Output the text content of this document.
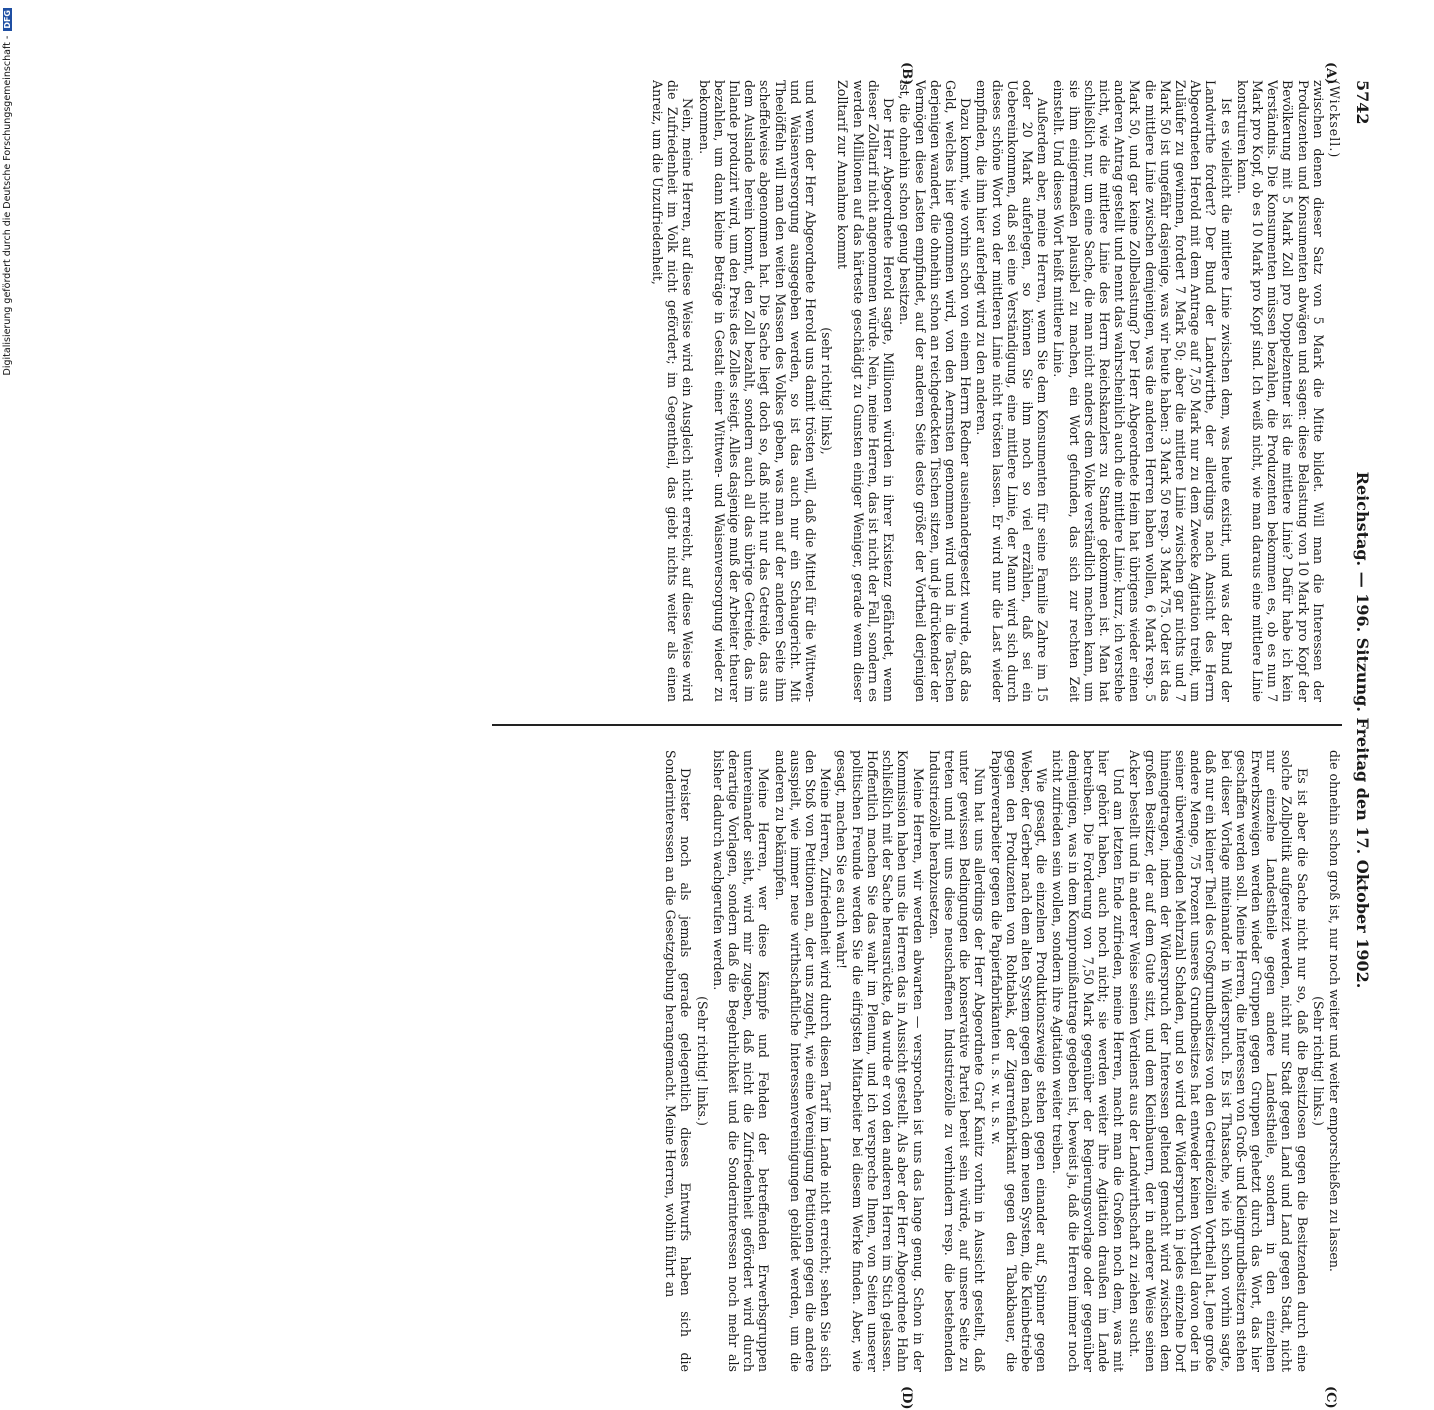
5742
Reichstag. — 196. Sitzung. Freitag den 17. Oktober 1902.
(A)
(B)
(C)
(D)

(Wicksell.)

zwischen denen dieser Satz von 5 Mark die Mitte bildet. Will man die Interessen der Produzenten und Konsumenten abwägen und sagen: diese Belastung von 10 Mark pro Kopf der Bevölkerung mit 5 Mark Zoll pro Doppelzentner ist die mittlere Linie? Dafür habe ich kein Verständnis. Die Konsumenten müssen bezahlen, die Produzenten bekommen es, ob es nun 7 Mark pro Kopf, ob es 10 Mark pro Kopf sind. Ich weiß nicht, wie man daraus eine mittlere Linie konstruiren kann.

Ist es vielleicht die mittlere Linie zwischen dem, was heute existirt, und was der Bund der Landwirthe fordert? Der Bund der Landwirthe, der allerdings nach Ansicht des Herrn Abgeordneten Herold mit dem Antrage auf 7,50 Mark nur zu dem Zwecke Agitation treibt, um Zuläufer zu gewinnen, fordert 7 Mark 50; aber die mittlere Linie zwischen gar nichts und 7 Mark 50 ist ungefähr dasjenige, was wir heute haben: 3 Mark 50 resp. 3 Mark 75. Oder ist das die mittlere Linie zwischen demjenigen, was die anderen Herren haben wollen, 6 Mark resp. 5 Mark 50, und gar keine Zollbelastung? Der Herr Abgeordnete Heim hat übrigens wieder einen anderen Antrag gestellt und nennt das wahrscheinlich auch die mittlere Linie; kurz, ich verstehe nicht, wie die mittlere Linie des Herrn Reichskanzlers zu Stande gekommen ist. Man hat schließlich nur, um eine Sache, die man nicht anders dem Volke verständlich machen kann, um sie ihm einigermaßen plausibel zu machen, ein Wort gefunden, das sich zur rechten Zeit einstellt. Und dieses Wort heißt mittlere Linie.

Außerdem aber, meine Herren, wenn Sie dem Konsumenten für seine Familie Zahre im 15 oder 20 Mark auferlegen, so können Sie ihm noch so viel erzählen, daß sei ein Uebereinkommen, daß sei eine Verständigung, eine mittlere Linie, der Mann wird sich durch dieses schöne Wort von der mittleren Linie nicht trösten lassen. Er wird nur die Last wieder empfinden, die ihm hier auferlegt wird zu den anderen.

Dazu kommt, wie vorhin schon von einem Herrn Redner auseinandergesetzt wurde, daß das Geld, welches hier genommen wird, von den Aermsten genommen wird und in die Taschen derjenigen wandert, die ohnehin schon an reichgedeckten Tischen sitzen, und je drückender der Vermögen diese Lasten empfindet, auf der anderen Seite desto größer der Vortheil derjenigen ist, die ohnehin schon genug besitzen.

Der Herr Abgeordnete Herold sagte, Millionen würden in ihrer Existenz gefährdet, wenn dieser Zolltarif nicht angenommen würde. Nein, meine Herren, das ist nicht der Fall, sondern es werden Millionen auf das härteste geschädigt zu Gunsten einiger Weniger, gerade wenn dieser Zolltarif zur Annahme kommt

(sehr richtig! links),

und wenn der Herr Abgeordnete Herold uns damit trösten will, daß die Mittel für die Wittwen- und Waisenversorgung ausgegeben werden, so ist das auch nur ein Schaugericht. Mit Theelöffeln will man den weiten Massen des Volkes geben, was man auf der anderen Seite ihm scheffelweise abgenommen hat. Die Sache liegt doch so, daß nicht nur das Getreide, das aus dem Auslande herein kommt, den Zoll bezahlt, sondern auch all das übrige Getreide, das im Inlande produzirt wird, um den Preis des Zolles steigt. Alles dasjenige muß der Arbeiter theurer bezahlen, um dann kleine Beträge in Gestalt einer Wittwen- und Waisenversorgung wieder zu bekommen.

Nein, meine Herren, auf diese Weise wird ein Ausgleich nicht erreicht, auf diese Weise wird die Zufriedenheit im Volk nicht gefördert; im Gegentheil, das giebt nichts weiter als einen Anreiz, um die Unzufriedenheit,

die ohnehin schon groß ist, nur noch weiter und weiter emporschießen zu lassen.

(Sehr richtig! links.)

Es ist aber die Sache nicht nur so, daß die Besitzlosen gegen die Besitzenden durch eine solche Zollpolitik aufgereizt werden, nicht nur Stadt gegen Land und Land gegen Stadt, nicht nur einzelne Landestheile gegen andere Landestheile, sondern in den einzelnen Erwerbszweigen werden wieder Gruppen gegen Gruppen gehetzt durch das Wort, das hier geschaffen werden soll. Meine Herren, die Interessen von Groß- und Kleingrundbesitzern stehen bei dieser Vorlage miteinander in Widerspruch. Es ist Thatsache, wie ich schon vorhin sagte, daß nur ein kleiner Theil des Großgrundbesitzes von den Getreidezöllen Vortheil hat. Jene große andere Menge, 75 Prozent unseres Grundbesitzes hat entweder keinen Vortheil davon oder in seiner überwiegenden Mehrzahl Schaden, und so wird der Widerspruch in jedes einzelne Dorf hineingetragen, indem der Widerspruch der Interessen geltend gemacht wird zwischen dem großen Besitzer, der auf dem Gute sitzt, und dem Kleinbauern, der in anderer Weise seinen Acker bestellt und in anderer Weise seinen Verdienst aus der Landwirthschaft zu ziehen sucht.

Und am letzten Ende zufrieden, meine Herren, macht man die Großen noch dem, was mit hier gehört haben, auch noch nicht; sie werden weiter ihre Agitation draußen im Lande betreiben. Die Forderung von 7,50 Mark gegenüber der Regierungsvorlage oder gegenüber demjenigen, was in dem Kompromißantrage gegeben ist, beweist ja, daß die Herren immer noch nicht zufrieden sein wollen, sondern ihre Agitation weiter treiben.

Wie gesagt, die einzelnen Produktionszweige stehen gegen einander auf, Spinner gegen Weber, der Gerber nach dem alten System gegen den nach dem neuen System, die Kleinbetriebe gegen den Produzenten von Rohtabak, der Zigarrenfabrikant gegen den Tabakbauer, die Papierverarbeiter gegen die Papierfabrikanten u. s. w. u. s. w.

Nun hat uns allerdings der Herr Abgeordnete Graf Kanitz vorhin in Aussicht gestellt, daß unter gewissen Bedingungen die konservative Partei bereit sein würde, auf unsere Seite zu treten und mit uns diese neuschaffenen Industriezölle zu verhindern resp. die bestehenden Industriezölle herabzusetzen.

Meine Herren, wir werden abwarten — versprochen ist uns das lange genug. Schon in der Kommission haben uns die Herren das in Aussicht gestellt. Als aber der Herr Abgeordnete Hahn schließlich mit der Sache herausrückte, da wurde er von den anderen Herren im Stich gelassen. Hoffentlich machen Sie das wahr im Plenum, und ich verspreche Ihnen, von Seiten unserer politischen Freunde werden Sie die eifrigsten Mitarbeiter bei diesem Werke finden. Aber, wie gesagt, machen Sie es auch wahr!

Meine Herren, Zufriedenheit wird durch diesen Tarif im Lande nicht erreicht; sehen Sie sich den Stoß von Petitionen an, der uns zugeht, wie eine Vereinigung Petitionen gegen die andere ausspielt, wie immer neue wirthschaftliche Interessenvereinigungen gebildet werden, um die anderen zu bekämpfen.

Meine Herren, wer diese Kämpfe und Fehden der betreffenden Erwerbsgruppen untereinander sieht, wird mir zugeben, daß nicht die Zufriedenheit gefördert wird durch derartige Vorlagen, sondern daß die Begehrlichkeit und die Sonderinteressen noch mehr als bisher dadurch wachgerufen werden.

(Sehr richtig! links.)

Dreister noch als jemals gerade gelegentlich dieses Entwurfs haben sich die Sonderinteressen an die Gesetzgebung herangemacht. Meine Herren, wohin führt an

Digitalisierung gefördert durch die Deutsche Forschungsgemeinschaft - DFG
